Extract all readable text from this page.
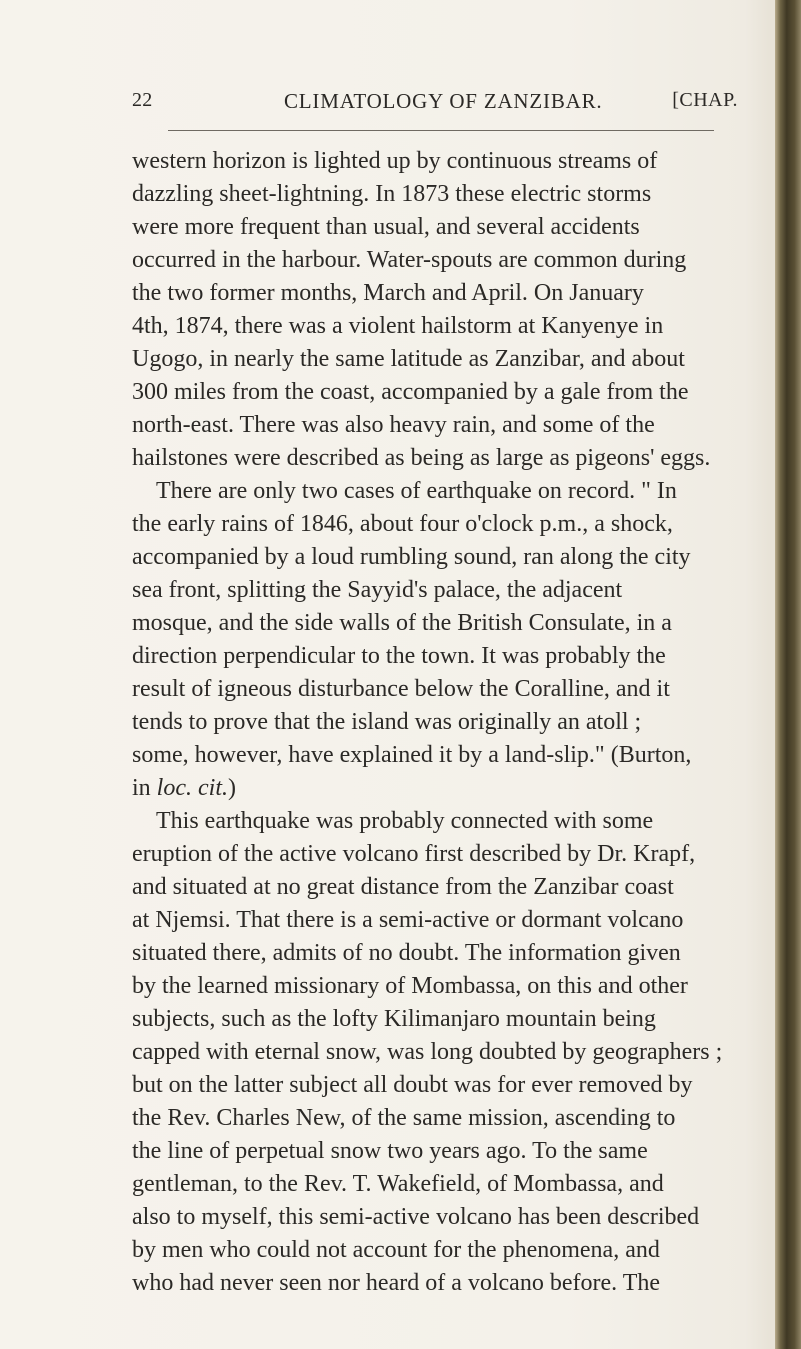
22	CLIMATOLOGY OF ZANZIBAR.	[CHAP.
western horizon is lighted up by continuous streams of
dazzling sheet-lightning. In 1873 these electric storms
were more frequent than usual, and several accidents
occurred in the harbour. Water-spouts are common during
the two former months, March and April. On January
4th, 1874, there was a violent hailstorm at Kanyenye in
Ugogo, in nearly the same latitude as Zanzibar, and about
300 miles from the coast, accompanied by a gale from the
north-east. There was also heavy rain, and some of the
hailstones were described as being as large as pigeons' eggs.
There are only two cases of earthquake on record. " In
the early rains of 1846, about four o'clock p.m., a shock,
accompanied by a loud rumbling sound, ran along the city
sea front, splitting the Sayyid's palace, the adjacent
mosque, and the side walls of the British Consulate, in a
direction perpendicular to the town. It was probably the
result of igneous disturbance below the Coralline, and it
tends to prove that the island was originally an atoll ;
some, however, have explained it by a land-slip." (Burton,
in loc. cit.)
This earthquake was probably connected with some
eruption of the active volcano first described by Dr. Krapf,
and situated at no great distance from the Zanzibar coast
at Njemsi. That there is a semi-active or dormant volcano
situated there, admits of no doubt. The information given
by the learned missionary of Mombassa, on this and other
subjects, such as the lofty Kilimanjaro mountain being
capped with eternal snow, was long doubted by geographers ;
but on the latter subject all doubt was for ever removed by
the Rev. Charles New, of the same mission, ascending to
the line of perpetual snow two years ago. To the same
gentleman, to the Rev. T. Wakefield, of Mombassa, and
also to myself, this semi-active volcano has been described
by men who could not account for the phenomena, and
who had never seen nor heard of a volcano before. The
